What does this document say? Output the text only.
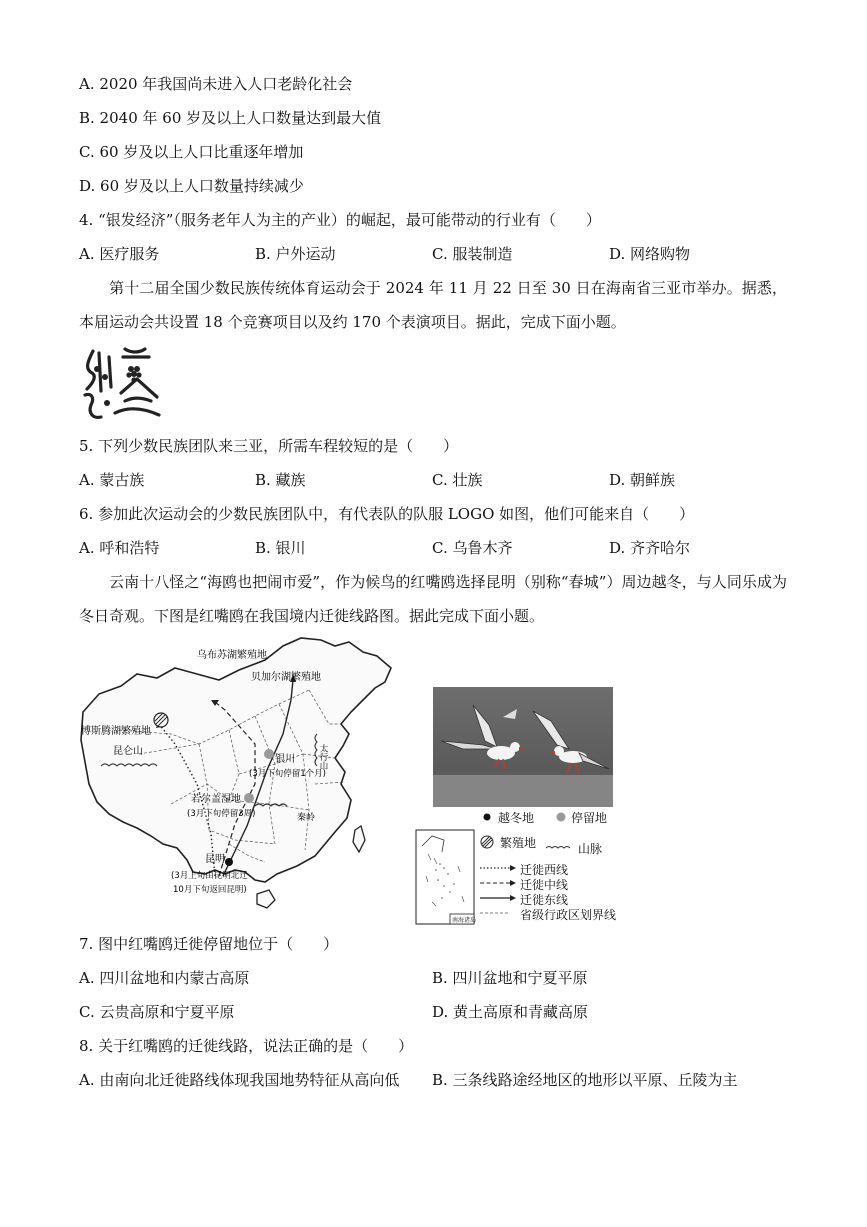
A. 2020 年我国尚未进入人口老龄化社会
B. 2040 年 60 岁及以上人口数量达到最大值
C. 60 岁及以上人口比重逐年增加
D. 60 岁及以上人口数量持续减少
4. “银发经济”（服务老年人为主的产业）的崛起，最可能带动的行业有（　　）
A. 医疗服务	B. 户外运动	C. 服装制造	D. 网络购物
第十二届全国少数民族传统体育运动会于 2024 年 11 月 22 日至 30 日在海南省三亚市举办。据悉，本届运动会共设置 18 个竞赛项目以及约 170 个表演项目。据此，完成下面小题。
5. 下列少数民族团队来三亚，所需车程较短的是（　　）
A. 蒙古族	B. 藏族	C. 壮族	D. 朝鲜族
6. 参加此次运动会的少数民族团队中，有代表队的队服 LOGO 如图，他们可能来自（　　）
A. 呼和浩特	B. 银川	C. 乌鲁木齐	D. 齐齐哈尔
云南十八怪之“海鸥也把闹市爱”，作为候鸟的红嘴鸥选择昆明（别称“春城”）周边越冬，与人同乐成为冬日奇观。下图是红嘴鸥在我国境内迁徙线路图。据此完成下面小题。
乌布苏湖繁殖地
贝加尔湖繁殖地
博斯腾湖繁殖地
昆仑山
银川
(3月下旬停留1个月)
太行山
若尔盖湿地
(3月下旬停留3周)	秦岭
昆明
(3月上旬由昆明北迁
10月下旬返回昆明)
越冬地	停留地
繁殖地	山脉
迁徙西线
迁徙中线
迁徙东线
省级行政区划界线
南海诸岛
7. 图中红嘴鸥迁徙停留地位于（　　）
A. 四川盆地和内蒙古高原	B. 四川盆地和宁夏平原
C. 云贵高原和宁夏平原	D. 黄土高原和青藏高原
8. 关于红嘴鸥的迁徙线路，说法正确的是（　　）
A. 由南向北迁徙路线体现我国地势特征从高向低 B. 三条线路途经地区的地形以平原、丘陵为主
